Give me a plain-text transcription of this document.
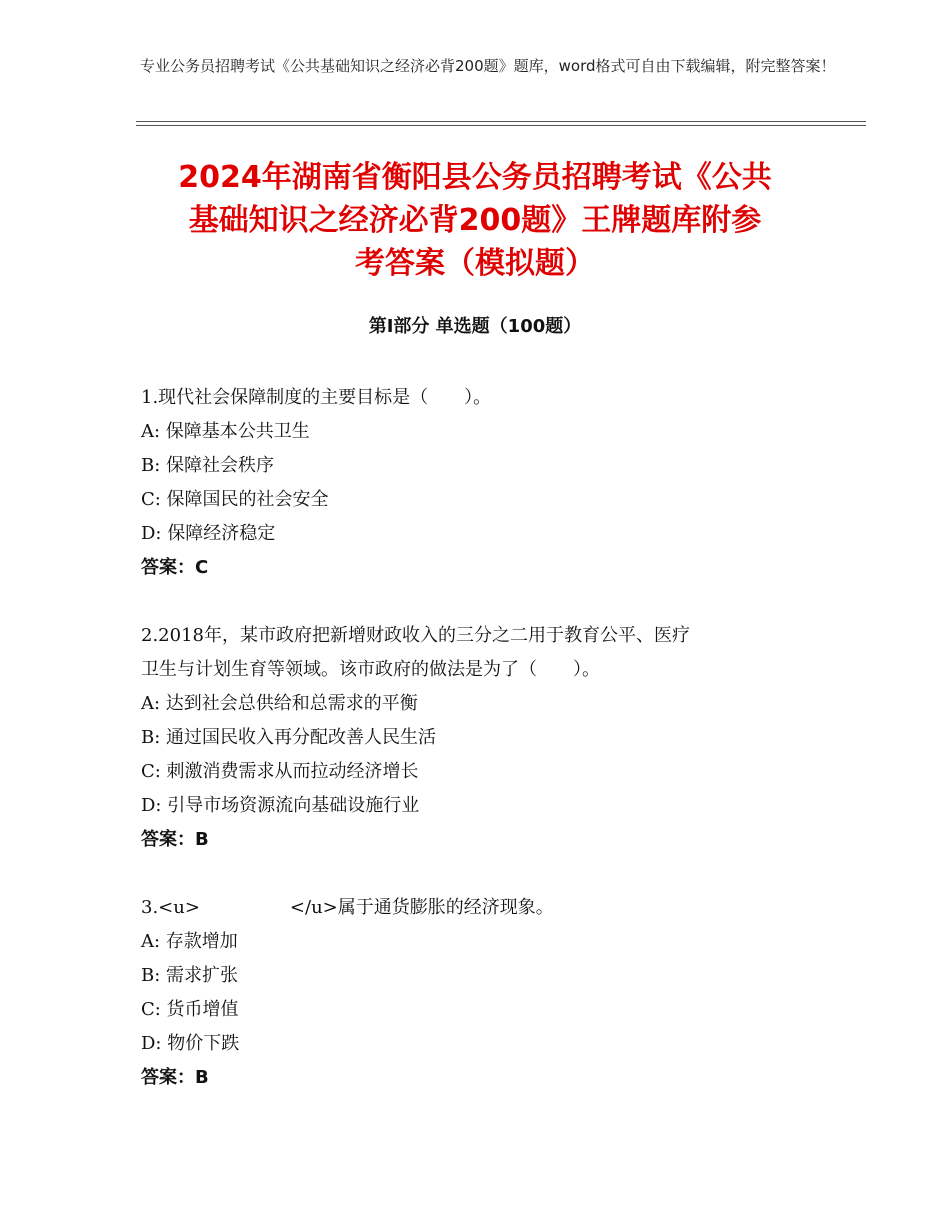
专业公务员招聘考试《公共基础知识之经济必背200题》题库，word格式可自由下载编辑，附完整答案！
2024年湖南省衡阳县公务员招聘考试《公共
基础知识之经济必背200题》王牌题库附参
考答案（模拟题）
第Ⅰ部分 单选题（100题）
1.现代社会保障制度的主要目标是（　　）。
A: 保障基本公共卫生
B: 保障社会秩序
C: 保障国民的社会安全
D: 保障经济稳定
答案：C
2.2018年，某市政府把新增财政收入的三分之二用于教育公平、医疗
卫生与计划生育等领域。该市政府的做法是为了（　　）。
A: 达到社会总供给和总需求的平衡
B: 通过国民收入再分配改善人民生活
C: 刺激消费需求从而拉动经济增长
D: 引导市场资源流向基础设施行业
答案：B
3.<u>　　　　　</u>属于通货膨胀的经济现象。
A: 存款增加
B: 需求扩张
C: 货币增值
D: 物价下跌
答案：B
